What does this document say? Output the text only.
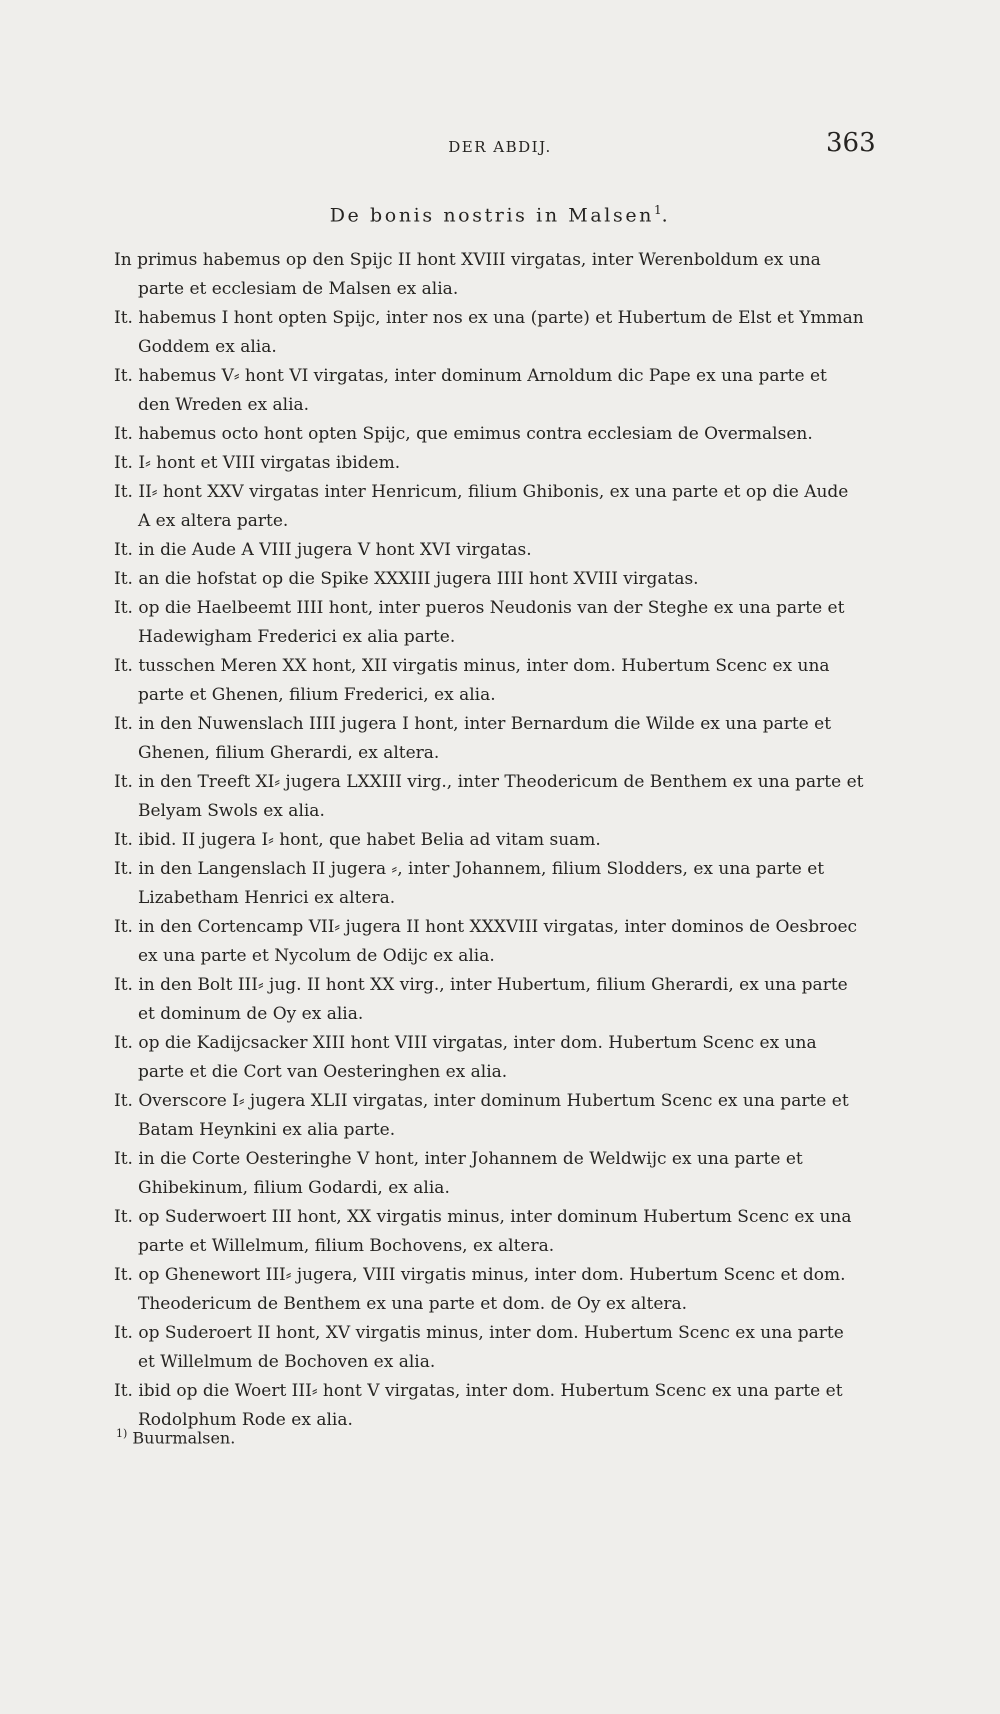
DER ABDIJ.	363
De bonis nostris in Malsen$^1$.

In primus habemus op den Spijc II hont XVIII virgatas, inter Werenboldum ex una parte et ecclesiam de Malsen ex alia.

It. habemus I hont opten Spijc, inter nos ex una (parte) et Hubertum de Elst et Ymman Goddem ex alia.

It. habemus V⸗ hont VI virgatas, inter dominum Arnoldum dic Pape ex una parte et den Wreden ex alia.

It. habemus octo hont opten Spijc, que emimus contra ecclesiam de Overmalsen.

It. I⸗ hont et VIII virgatas ibidem.

It. II⸗ hont XXV virgatas inter Henricum, filium Ghibonis, ex una parte et op die Aude A ex altera parte.

It. in die Aude A VIII jugera V hont XVI virgatas.

It. an die hofstat op die Spike XXXIII jugera IIII hont XVIII virgatas.

It. op die Haelbeemt IIII hont, inter pueros Neudonis van der Steghe ex una parte et Hadewigham Frederici ex alia parte.

It. tusschen Meren XX hont, XII virgatis minus, inter dom. Hubertum Scenc ex una parte et Ghenen, filium Frederici, ex alia.

It. in den Nuwenslach IIII jugera I hont, inter Bernardum die Wilde ex una parte et Ghenen, filium Gherardi, ex altera.

It. in den Treeft XI⸗ jugera LXXIII virg., inter Theodericum de Benthem ex una parte et Belyam Swols ex alia.

It. ibid. II jugera I⸗ hont, que habet Belia ad vitam suam.

It. in den Langenslach II jugera ⸗, inter Johannem, filium Slodders, ex una parte et Lizabetham Henrici ex altera.

It. in den Cortencamp VII⸗ jugera II hont XXXVIII virgatas, inter dominos de Oesbroec ex una parte et Nycolum de Odijc ex alia.

It. in den Bolt III⸗ jug. II hont XX virg., inter Hubertum, filium Gherardi, ex una parte et dominum de Oy ex alia.

It. op die Kadijcsacker XIII hont VIII virgatas, inter dom. Hubertum Scenc ex una parte et die Cort van Oesteringhen ex alia.

It. Overscore I⸗ jugera XLII virgatas, inter dominum Hubertum Scenc ex una parte et Batam Heynkini ex alia parte.

It. in die Corte Oesteringhe V hont, inter Johannem de Weldwijc ex una parte et Ghibekinum, filium Godardi, ex alia.

It. op Suderwoert III hont, XX virgatis minus, inter dominum Hubertum Scenc ex una parte et Willelmum, filium Bochovens, ex altera.

It. op Ghenewort III⸗ jugera, VIII virgatis minus, inter dom. Hubertum Scenc et dom. Theodericum de Benthem ex una parte et dom. de Oy ex altera.

It. op Suderoert II hont, XV virgatis minus, inter dom. Hubertum Scenc ex una parte et Willelmum de Bochoven ex alia.

It. ibid op die Woert III⸗ hont V virgatas, inter dom. Hubertum Scenc ex una parte et Rodolphum Rode ex alia.

$^{1)}$ Buurmalsen.
